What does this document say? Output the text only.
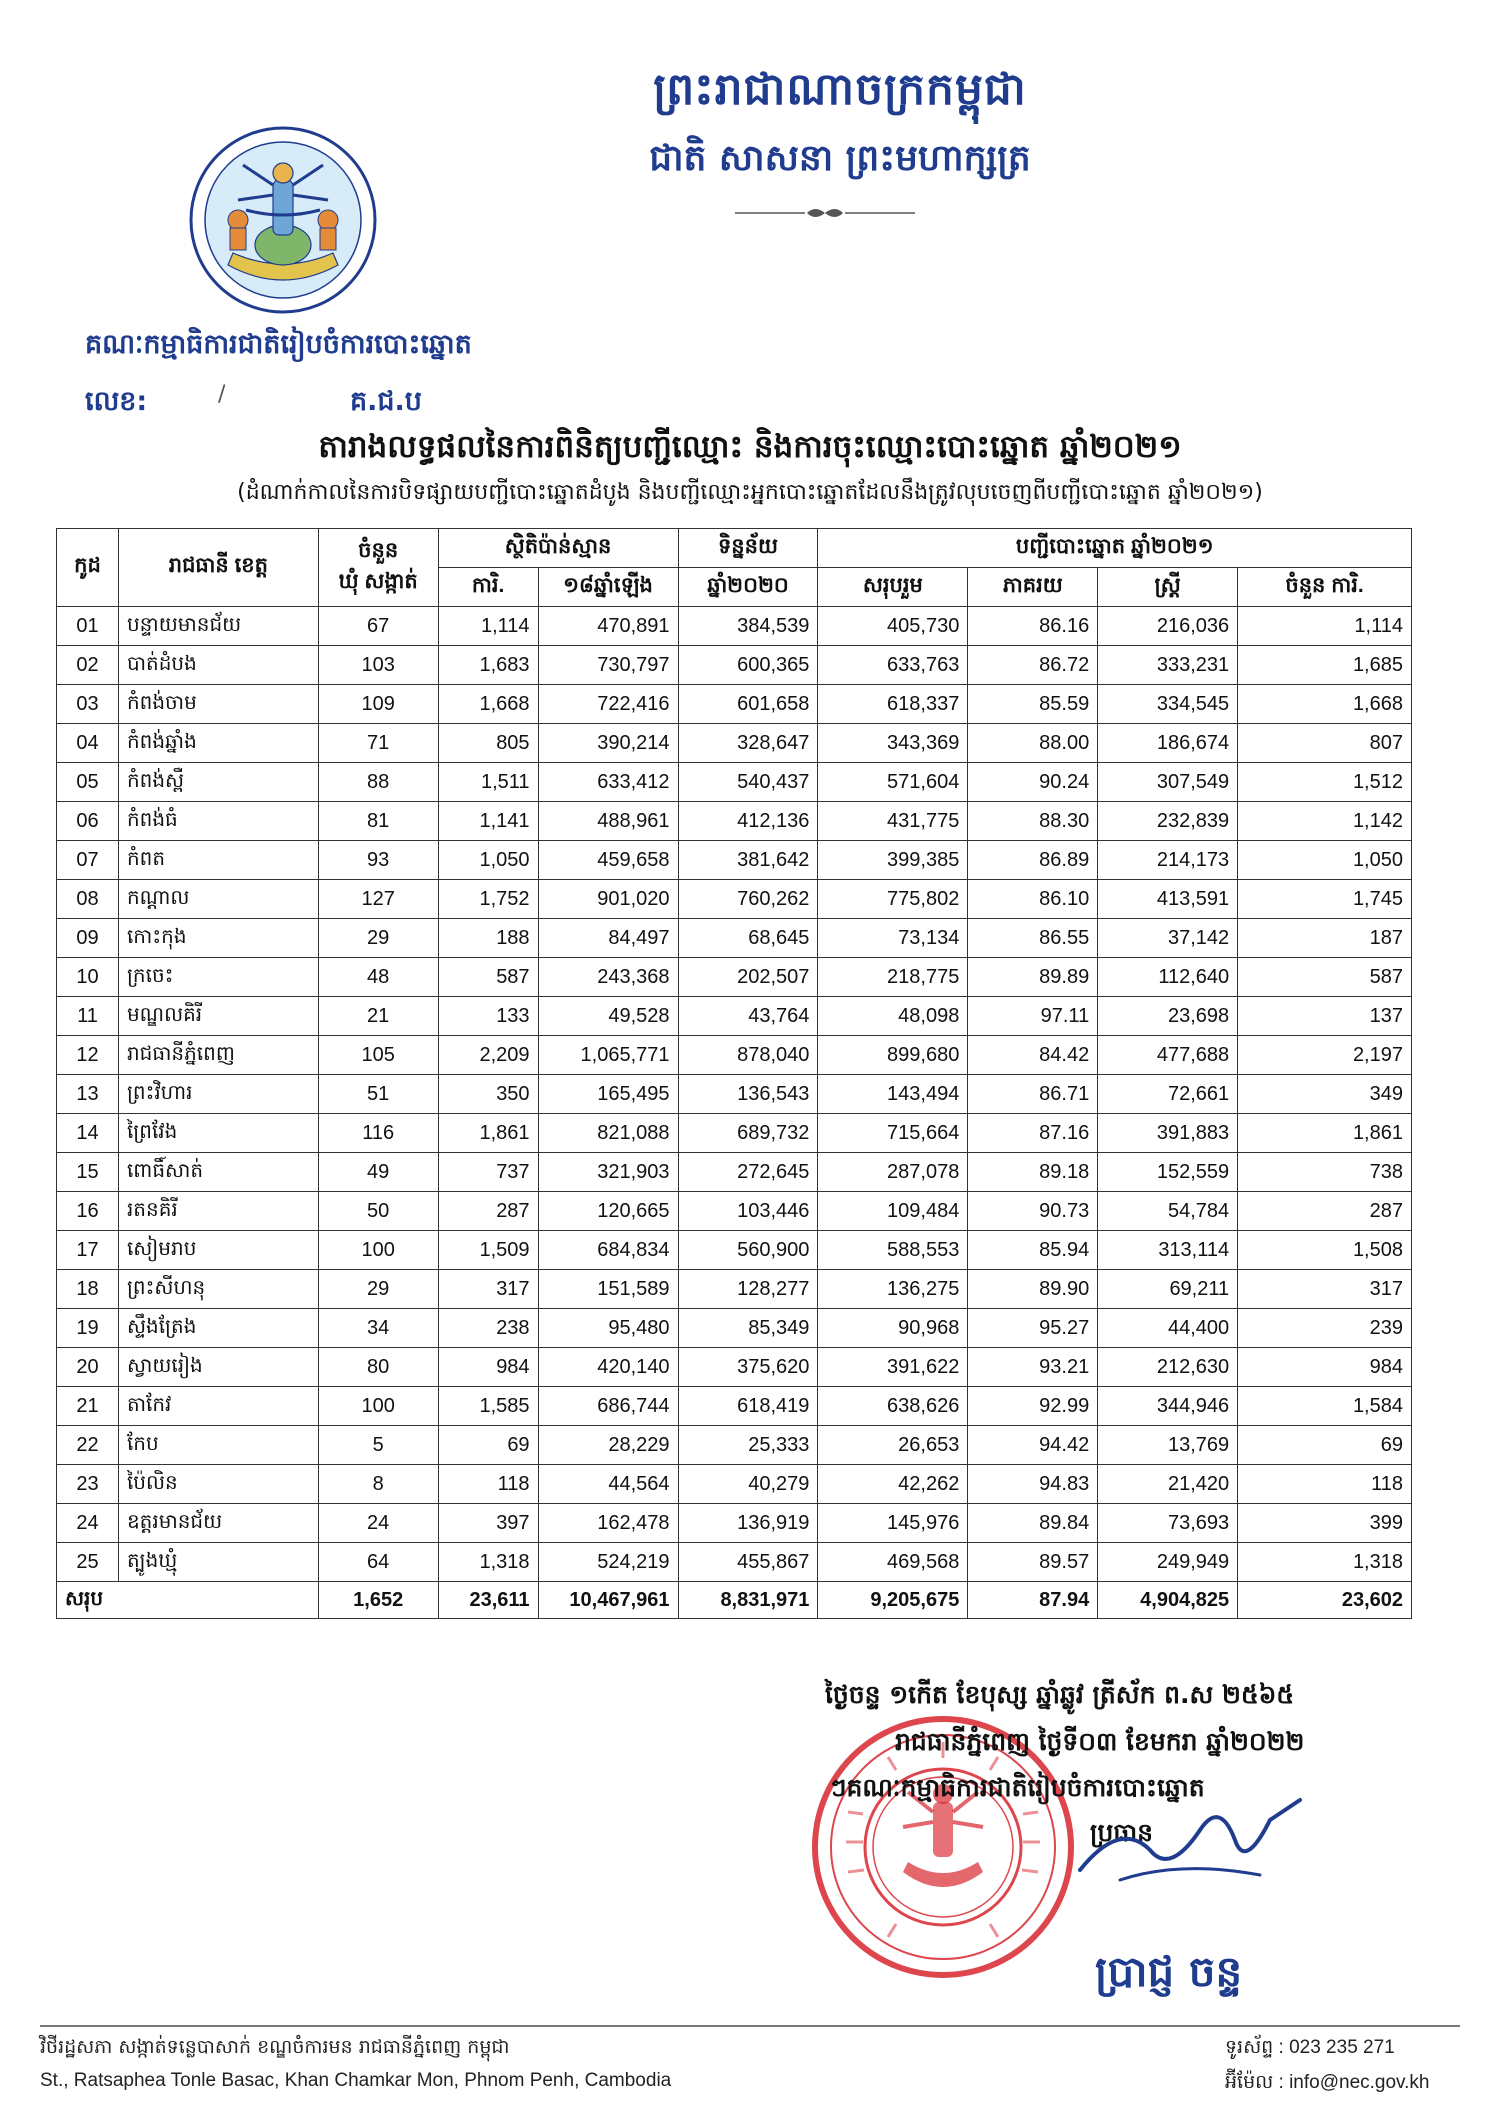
ព្រះរាជាណាចក្រកម្ពុជា
ជាតិ សាសនា ព្រះមហាក្សត្រ
គណៈកម្មាធិការជាតិរៀបចំការបោះឆ្នោត
លេខ:	/	គ.ជ.ប
តារាងលទ្ធផលនៃការពិនិត្យបញ្ជីឈ្មោះ និងការចុះឈ្មោះបោះឆ្នោត ឆ្នាំ២០២១
(ដំណាក់កាលនៃការបិទផ្សាយបញ្ជីបោះឆ្នោតដំបូង និងបញ្ជីឈ្មោះអ្នកបោះឆ្នោតដែលនឹងត្រូវលុបចេញពីបញ្ជីបោះឆ្នោត ឆ្នាំ២០២១)
កូដ	រាជធានី ខេត្ត	ចំនួន
ឃុំ សង្កាត់	ស្ថិតិប៉ាន់ស្មាន		ទិន្នន័យ	បញ្ជីបោះឆ្នោត ឆ្នាំ២០២១			
			ការិ.	១៨ឆ្នាំឡើង	ឆ្នាំ២០២០	សរុបរួម	ភាគរយ	ស្ត្រី	ចំនួន ការិ.
01	បន្ទាយមានជ័យ	67	1,114	470,891	384,539	405,730	86.16	216,036	1,114
02	បាត់ដំបង	103	1,683	730,797	600,365	633,763	86.72	333,231	1,685
03	កំពង់ចាម	109	1,668	722,416	601,658	618,337	85.59	334,545	1,668
04	កំពង់ឆ្នាំង	71	805	390,214	328,647	343,369	88.00	186,674	807
05	កំពង់ស្ពឺ	88	1,511	633,412	540,437	571,604	90.24	307,549	1,512
06	កំពង់ធំ	81	1,141	488,961	412,136	431,775	88.30	232,839	1,142
07	កំពត	93	1,050	459,658	381,642	399,385	86.89	214,173	1,050
08	កណ្តាល	127	1,752	901,020	760,262	775,802	86.10	413,591	1,745
09	កោះកុង	29	188	84,497	68,645	73,134	86.55	37,142	187
10	ក្រចេះ	48	587	243,368	202,507	218,775	89.89	112,640	587
11	មណ្ឌលគិរី	21	133	49,528	43,764	48,098	97.11	23,698	137
12	រាជធានីភ្នំពេញ	105	2,209	1,065,771	878,040	899,680	84.42	477,688	2,197
13	ព្រះវិហារ	51	350	165,495	136,543	143,494	86.71	72,661	349
14	ព្រៃវែង	116	1,861	821,088	689,732	715,664	87.16	391,883	1,861
15	ពោធិ៍សាត់	49	737	321,903	272,645	287,078	89.18	152,559	738
16	រតនគិរី	50	287	120,665	103,446	109,484	90.73	54,784	287
17	សៀមរាប	100	1,509	684,834	560,900	588,553	85.94	313,114	1,508
18	ព្រះសីហនុ	29	317	151,589	128,277	136,275	89.90	69,211	317
19	ស្ទឹងត្រែង	34	238	95,480	85,349	90,968	95.27	44,400	239
20	ស្វាយរៀង	80	984	420,140	375,620	391,622	93.21	212,630	984
21	តាកែវ	100	1,585	686,744	618,419	638,626	92.99	344,946	1,584
22	កែប	5	69	28,229	25,333	26,653	94.42	13,769	69
23	ប៉ៃលិន	8	118	44,564	40,279	42,262	94.83	21,420	118
24	ឧត្តរមានជ័យ	24	397	162,478	136,919	145,976	89.84	73,693	399
25	ត្បូងឃ្មុំ	64	1,318	524,219	455,867	469,568	89.57	249,949	1,318
សរុប		1,652	23,611	10,467,961	8,831,971	9,205,675	87.94	4,904,825	23,602
ថ្ងៃចន្ទ ១កើត ខែបុស្ស ឆ្នាំឆ្លូវ ត្រីស័ក ព.ស ២៥៦៥
រាជធានីភ្នំពេញ ថ្ងៃទី០៣ ខែមករា ឆ្នាំ២០២២
ៗគណៈកម្មាធិការជាតិរៀបចំការបោះឆ្នោត
ប្រធាន
ប្រាជ្ញ ចន្ទ
វិថីរដ្ឋសភា សង្កាត់ទន្លេបាសាក់ ខណ្ឌចំការមន រាជធានីភ្នំពេញ កម្ពុជា
St., Ratsaphea Tonle Basac, Khan Chamkar Mon, Phnom Penh, Cambodia
ទូរស័ព្ទ : 023 235 271
អ៊ីម៉ែល : info@nec.gov.kh
